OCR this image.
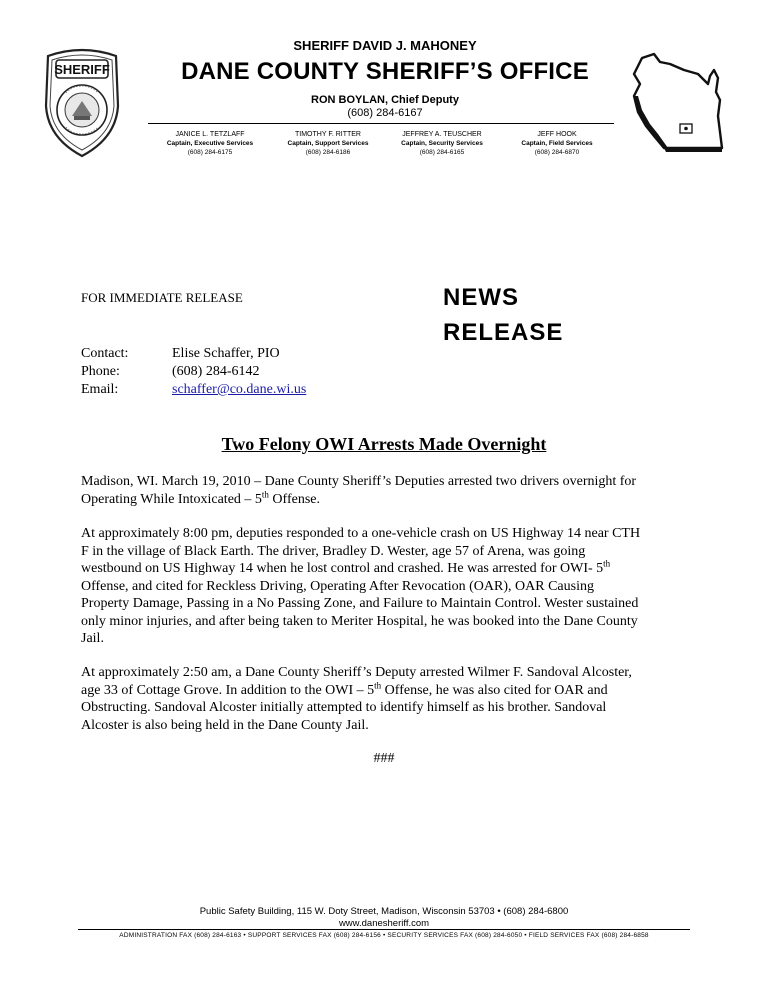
SHERIFF
SHERIFF DAVID J. MAHONEY
DANE COUNTY SHERIFF’S OFFICE
RON BOYLAN, Chief Deputy
(608) 284-6167
JANICE L. TETZLAFF
Captain, Executive Services
(608) 284-6175
TIMOTHY F. RITTER
Captain, Support Services
(608) 284-6186
JEFFREY A. TEUSCHER
Captain, Security Services
(608) 284-6165
JEFF HOOK
Captain, Field Services
(608) 284-6870
FOR IMMEDIATE RELEASE	NEWS
RELEASE
Contact:	Elise Schaffer, PIO
Phone:	(608) 284-6142
Email:	schaffer@co.dane.wi.us
Two Felony OWI Arrests Made Overnight
Madison, WI. March 19, 2010 – Dane County Sheriff’s Deputies arrested two drivers overnight for
Operating While Intoxicated – 5th Offense.
At approximately 8:00 pm, deputies responded to a one-vehicle crash on US Highway 14 near CTH
F in the village of Black Earth. The driver, Bradley D. Wester, age 57 of Arena, was going
westbound on US Highway 14 when he lost control and crashed. He was arrested for OWI- 5th
Offense, and cited for Reckless Driving, Operating After Revocation (OAR), OAR Causing
Property Damage, Passing in a No Passing Zone, and Failure to Maintain Control. Wester sustained
only minor injuries, and after being taken to Meriter Hospital, he was booked into the Dane County
Jail.
At approximately 2:50 am, a Dane County Sheriff’s Deputy arrested Wilmer F. Sandoval Alcoster,
age 33 of Cottage Grove. In addition to the OWI – 5th Offense, he was also cited for OAR and
Obstructing. Sandoval Alcoster initially attempted to identify himself as his brother. Sandoval
Alcoster is also being held in the Dane County Jail.
###
Public Safety Building, 115 W. Doty Street, Madison, Wisconsin 53703 • (608) 284-6800
www.danesheriff.com
ADMINISTRATION FAX (608) 284-6163 • SUPPORT SERVICES FAX (608) 284-6156 • SECURITY SERVICES FAX (608) 284-6050 • FIELD SERVICES FAX (608) 284-6858
